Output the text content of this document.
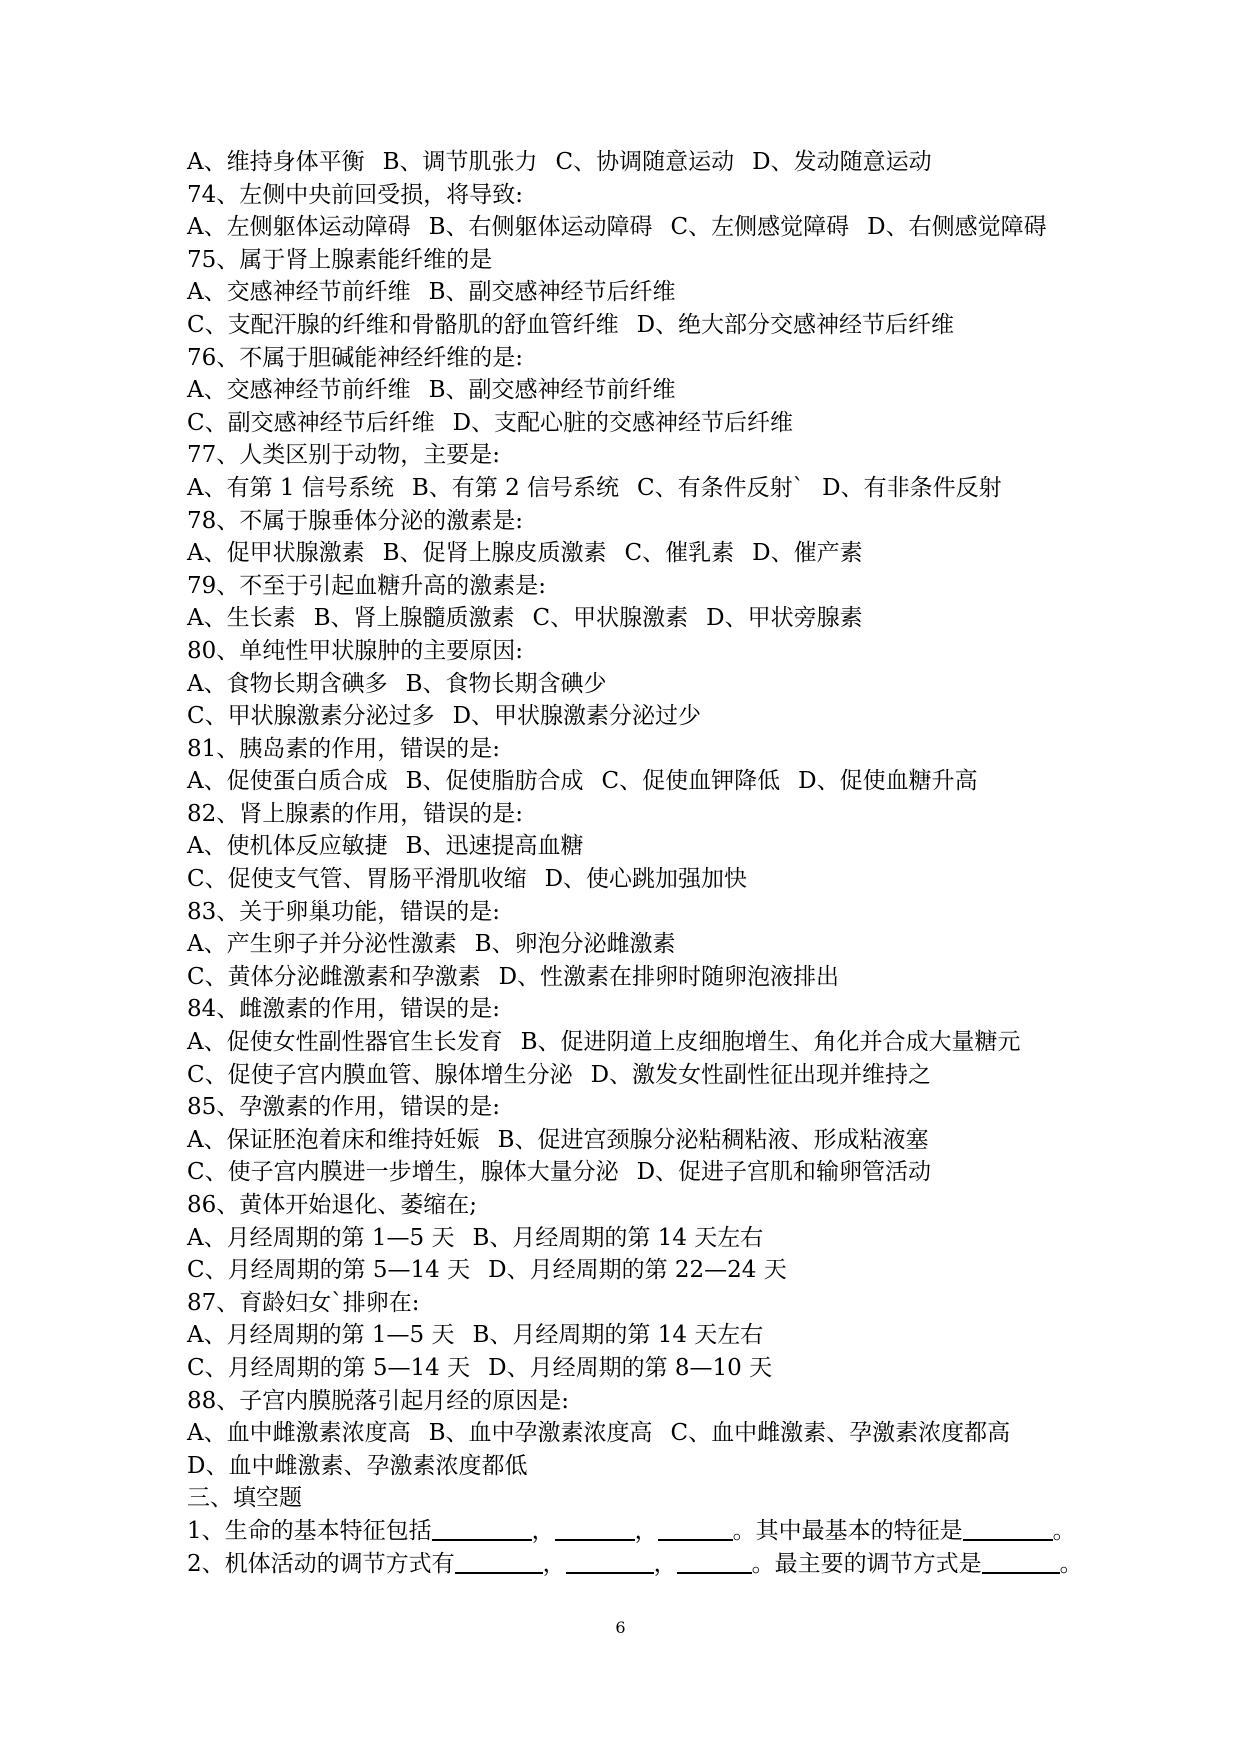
A、维持身体平衡 B、调节肌张力 C、协调随意运动 D、发动随意运动
74、左侧中央前回受损，将导致:
A、左侧躯体运动障碍 B、右侧躯体运动障碍 C、左侧感觉障碍 D、右侧感觉障碍
75、属于肾上腺素能纤维的是
A、交感神经节前纤维 B、副交感神经节后纤维
C、支配汗腺的纤维和骨骼肌的舒血管纤维 D、绝大部分交感神经节后纤维
76、不属于胆碱能神经纤维的是:
A、交感神经节前纤维 B、副交感神经节前纤维
C、副交感神经节后纤维 D、支配心脏的交感神经节后纤维
77、人类区别于动物，主要是:
A、有第 1 信号系统 B、有第 2 信号系统 C、有条件反射` D、有非条件反射
78、不属于腺垂体分泌的激素是:
A、促甲状腺激素 B、促肾上腺皮质激素 C、催乳素 D、催产素
79、不至于引起血糖升高的激素是:
A、生长素 B、肾上腺髓质激素 C、甲状腺激素 D、甲状旁腺素
80、单纯性甲状腺肿的主要原因:
A、食物长期含碘多 B、食物长期含碘少
C、甲状腺激素分泌过多 D、甲状腺激素分泌过少
81、胰岛素的作用，错误的是:
A、促使蛋白质合成 B、促使脂肪合成 C、促使血钾降低 D、促使血糖升高
82、肾上腺素的作用，错误的是:
A、使机体反应敏捷 B、迅速提高血糖
C、促使支气管、胃肠平滑肌收缩 D、使心跳加强加快
83、关于卵巢功能，错误的是:
A、产生卵子并分泌性激素 B、卵泡分泌雌激素
C、黄体分泌雌激素和孕激素 D、性激素在排卵时随卵泡液排出
84、雌激素的作用，错误的是:
A、促使女性副性器官生长发育 B、促进阴道上皮细胞增生、角化并合成大量糖元
C、促使子宫内膜血管、腺体增生分泌 D、激发女性副性征出现并维持之
85、孕激素的作用，错误的是:
A、保证胚泡着床和维持妊娠 B、促进宫颈腺分泌粘稠粘液、形成粘液塞
C、使子宫内膜进一步增生，腺体大量分泌 D、促进子宫肌和输卵管活动
86、黄体开始退化、萎缩在;
A、月经周期的第 1—5 天 B、月经周期的第 14 天左右
C、月经周期的第 5—14 天 D、月经周期的第 22—24 天
87、育龄妇女`排卵在:
A、月经周期的第 1—5 天 B、月经周期的第 14 天左右
C、月经周期的第 5—14 天 D、月经周期的第 8—10 天
88、子宫内膜脱落引起月经的原因是:
A、血中雌激素浓度高 B、血中孕激素浓度高 C、血中雌激素、孕激素浓度都高
D、血中雌激素、孕激素浓度都低
三、填空题
1、生命的基本特征包括	，	，	。其中最基本的特征是	。
2、机体活动的调节方式有	，	，	。最主要的调节方式是	。
6
